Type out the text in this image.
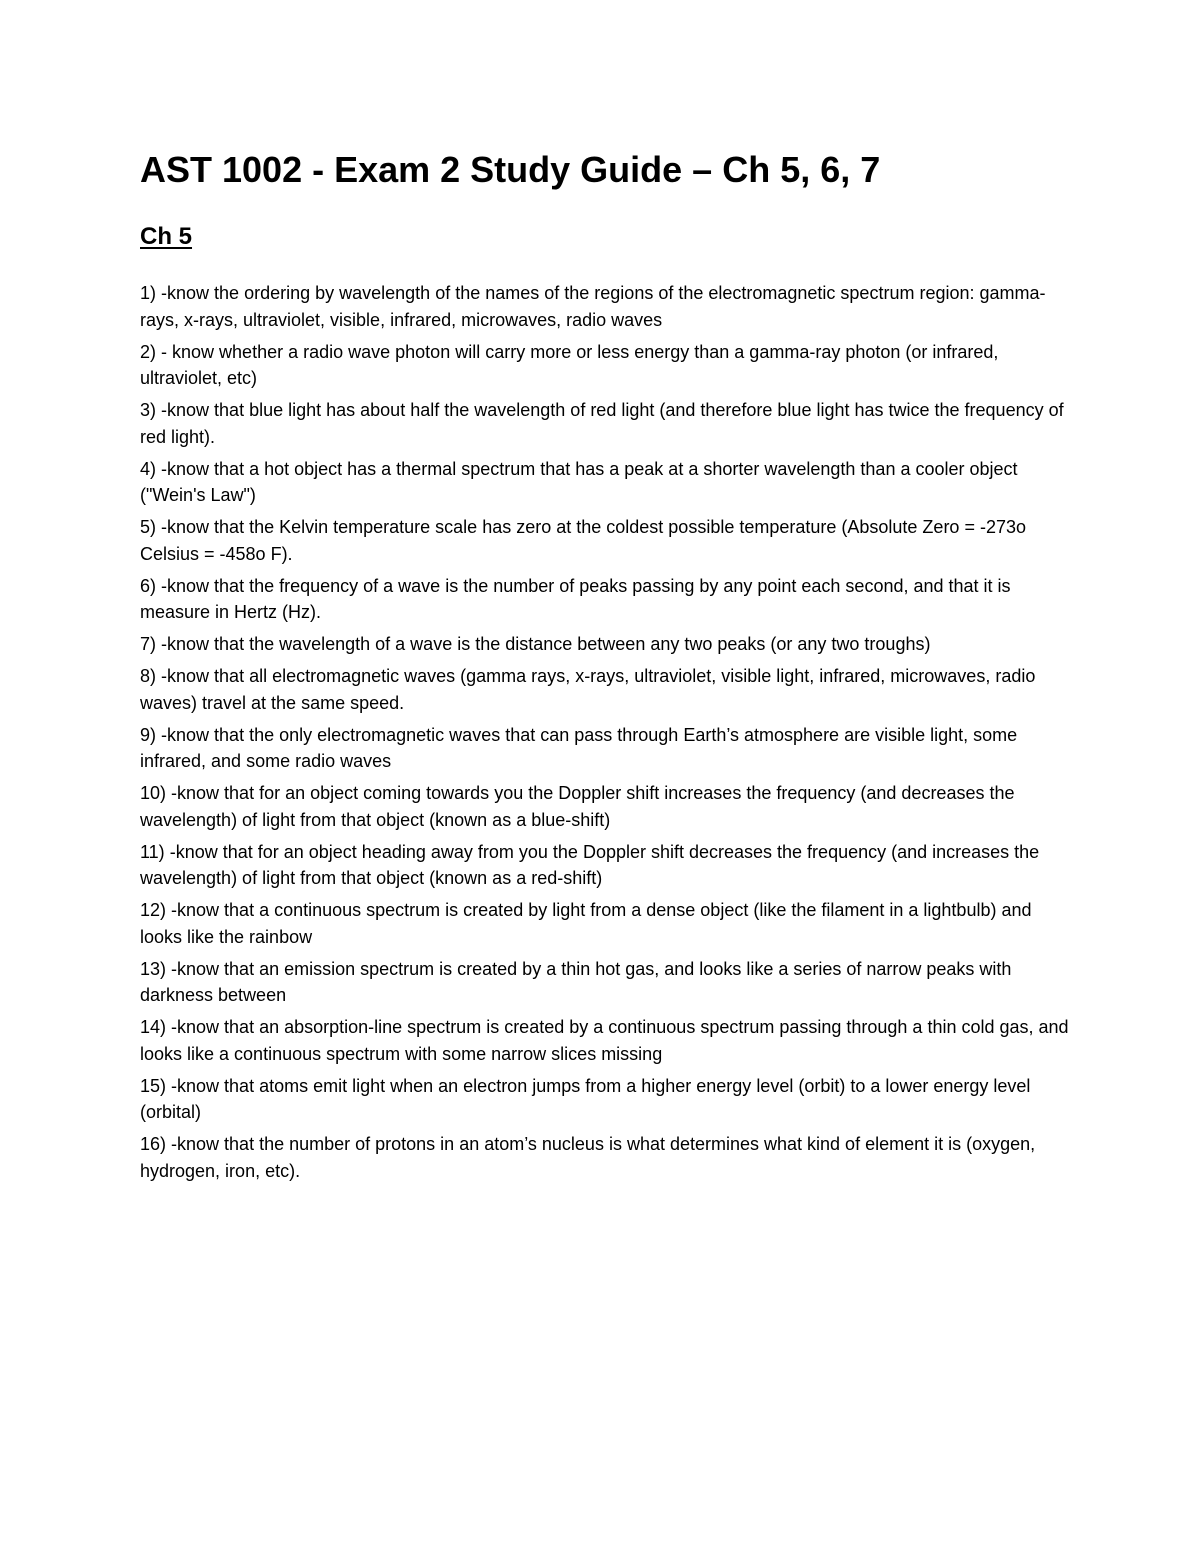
AST 1002 - Exam 2 Study Guide – Ch 5, 6, 7
Ch 5

1) -know the ordering by wavelength of the names of the regions of the electromagnetic spectrum region: gamma-rays, x-rays, ultraviolet, visible, infrared, microwaves, radio waves

2) - know whether a radio wave photon will carry more or less energy than a gamma-ray photon (or infrared, ultraviolet, etc)

3) -know that blue light has about half the wavelength of red light (and therefore blue light has twice the frequency of red light).

4) -know that a hot object has a thermal spectrum that has a peak at a shorter wavelength than a cooler object ("Wein's Law")

5) -know that the Kelvin temperature scale has zero at the coldest possible temperature (Absolute Zero = -273o Celsius = -458o F).

6) -know that the frequency of a wave is the number of peaks passing by any point each second, and that it is measure in Hertz (Hz).

7) -know that the wavelength of a wave is the distance between any two peaks (or any two troughs)

8) -know that all electromagnetic waves (gamma rays, x-rays, ultraviolet, visible light, infrared, microwaves, radio waves) travel at the same speed.

9) -know that the only electromagnetic waves that can pass through Earth’s atmosphere are visible light, some infrared, and some radio waves

10) -know that for an object coming towards you the Doppler shift increases the frequency (and decreases the wavelength) of light from that object (known as a blue-shift)

11) -know that for an object heading away from you the Doppler shift decreases the frequency (and increases the wavelength) of light from that object (known as a red-shift)

12) -know that a continuous spectrum is created by light from a dense object (like the filament in a lightbulb) and looks like the rainbow

13) -know that an emission spectrum is created by a thin hot gas, and looks like a series of narrow peaks with darkness between

14) -know that an absorption-line spectrum is created by a continuous spectrum passing through a thin cold gas, and looks like a continuous spectrum with some narrow slices missing

15) -know that atoms emit light when an electron jumps from a higher energy level (orbit) to a lower energy level (orbital)

16) -know that the number of protons in an atom’s nucleus is what determines what kind of element it is (oxygen, hydrogen, iron, etc).
